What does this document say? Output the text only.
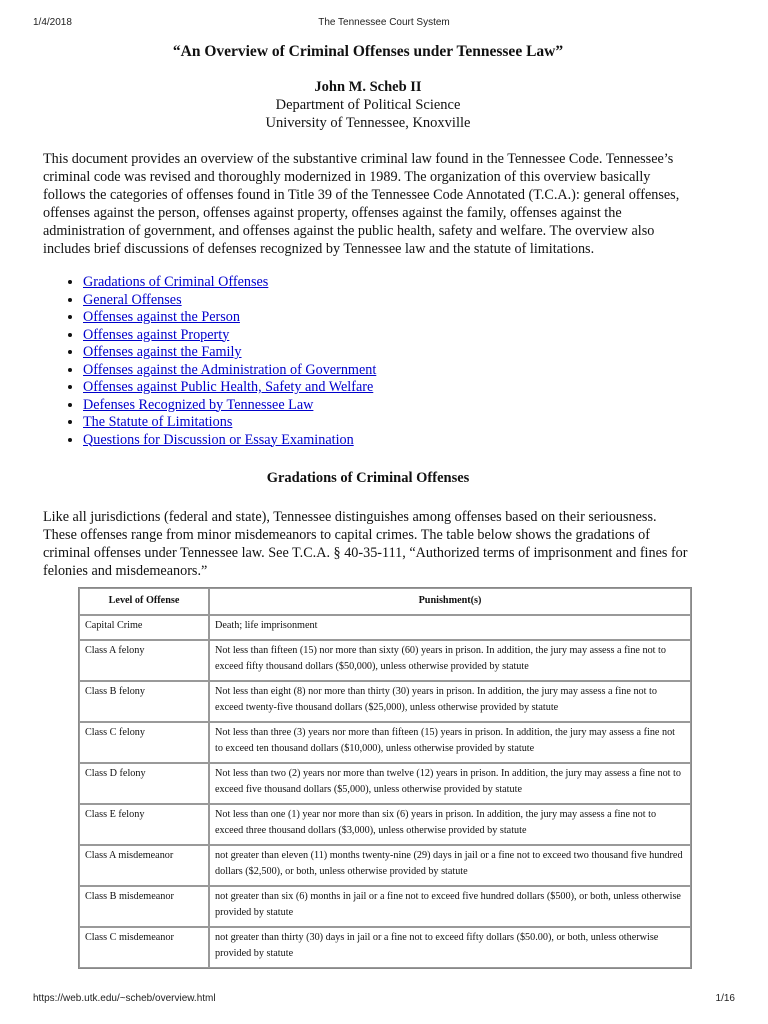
1/4/2018	The Tennessee Court System
“An Overview of Criminal Offenses under Tennessee Law”
John M. Scheb II
Department of Political Science
University of Tennessee, Knoxville

This document provides an overview of the substantive criminal law found in the Tennessee Code. Tennessee’s criminal code was revised and thoroughly modernized in 1989. The organization of this overview basically follows the categories of offenses found in Title 39 of the Tennessee Code Annotated (T.C.A.): general offenses, offenses against the person, offenses against property, offenses against the family, offenses against the administration of government, and offenses against the public health, safety and welfare. The overview also includes brief discussions of defenses recognized by Tennessee law and the statute of limitations.

• Gradations of Criminal Offenses
• General Offenses
• Offenses against the Person
• Offenses against Property
• Offenses against the Family
• Offenses against the Administration of Government
• Offenses against Public Health, Safety and Welfare
• Defenses Recognized by Tennessee Law
• The Statute of Limitations
• Questions for Discussion or Essay Examination
Gradations of Criminal Offenses

Like all jurisdictions (federal and state), Tennessee distinguishes among offenses based on their seriousness. These offenses range from minor misdemeanors to capital crimes. The table below shows the gradations of criminal offenses under Tennessee law. See T.C.A. § 40-35-111, “Authorized terms of imprisonment and fines for felonies and misdemeanors.”

Level of Offense	Punishment(s)
Capital Crime	Death; life imprisonment
Class A felony	Not less than fifteen (15) nor more than sixty (60) years in prison. In addition, the jury may assess a fine not to exceed fifty thousand dollars ($50,000), unless otherwise provided by statute
Class B felony	Not less than eight (8) nor more than thirty (30) years in prison. In addition, the jury may assess a fine not to exceed twenty-five thousand dollars ($25,000), unless otherwise provided by statute
Class C felony	Not less than three (3) years nor more than fifteen (15) years in prison. In addition, the jury may assess a fine not to exceed ten thousand dollars ($10,000), unless otherwise provided by statute
Class D felony	Not less than two (2) years nor more than twelve (12) years in prison. In addition, the jury may assess a fine not to exceed five thousand dollars ($5,000), unless otherwise provided by statute
Class E felony	Not less than one (1) year nor more than six (6) years in prison. In addition, the jury may assess a fine not to exceed three thousand dollars ($3,000), unless otherwise provided by statute
Class A misdemeanor	not greater than eleven (11) months twenty-nine (29) days in jail or a fine not to exceed two thousand five hundred dollars ($2,500), or both, unless otherwise provided by statute
Class B misdemeanor	not greater than six (6) months in jail or a fine not to exceed five hundred dollars ($500), or both, unless otherwise provided by statute
Class C misdemeanor	not greater than thirty (30) days in jail or a fine not to exceed fifty dollars ($50.00), or both, unless otherwise provided by statute
https://web.utk.edu/~scheb/overview.html	1/16
